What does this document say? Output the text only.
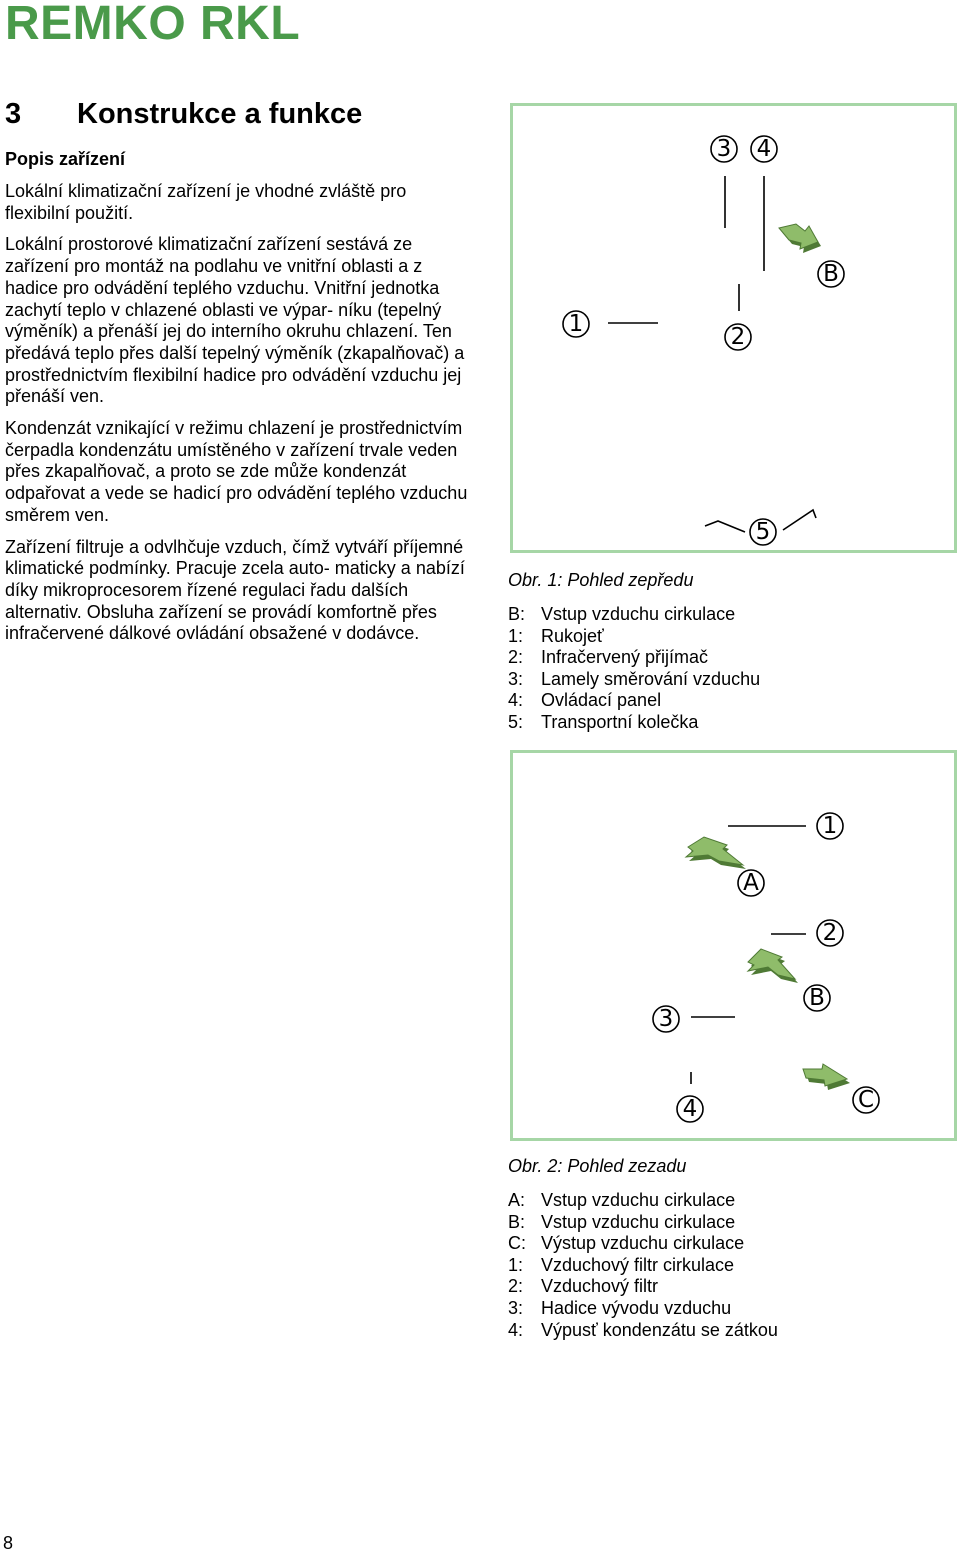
REMKO RKL
3 Konstrukce a funkce
Popis zařízení

Lokální klimatizační zařízení je vhodné zvláště pro flexibilní použití.

Lokální prostorové klimatizační zařízení sestává ze zařízení pro montáž na podlahu ve vnitřní oblasti a z hadice pro odvádění teplého vzduchu. Vnitřní jednotka zachytí teplo v chlazené oblasti ve výpar- níku (tepelný výměník) a přenáší jej do interního okruhu chlazení. Ten předává teplo přes další tepelný výměník (zkapalňovač) a prostřednictvím flexibilní hadice pro odvádění vzduchu jej přenáší ven.

Kondenzát vznikající v režimu chlazení je prostřednictvím čerpadla kondenzátu umístěného v zařízení trvale veden přes zkapalňovač, a proto se zde může kondenzát odpařovat a vede se hadicí pro odvádění teplého vzduchu směrem ven.

Zařízení filtruje a odvlhčuje vzduch, čímž vytváří příjemné klimatické podmínky. Pracuje zcela auto- maticky a nabízí díky mikroprocesorem řízené regulaci řadu dalších alternativ. Obsluha zařízení se provádí komfortně přes infračervené dálkové ovládání obsažené v dodávce.

3 4
1	2
B
5
Obr. 1: Pohled zepředu
B: Vstup vzduchu cirkulace
1: Rukojeť
2: Infračervený přijímač
3: Lamely směrování vzduchu
4: Ovládací panel
5: Transportní kolečka
1
A
2
B
3
4	C
Obr. 2: Pohled zezadu
A: Vstup vzduchu cirkulace
B: Vstup vzduchu cirkulace
C: Výstup vzduchu cirkulace
1: Vzduchový filtr cirkulace
2: Vzduchový filtr
3: Hadice vývodu vzduchu
4: Výpusť kondenzátu se zátkou
8
